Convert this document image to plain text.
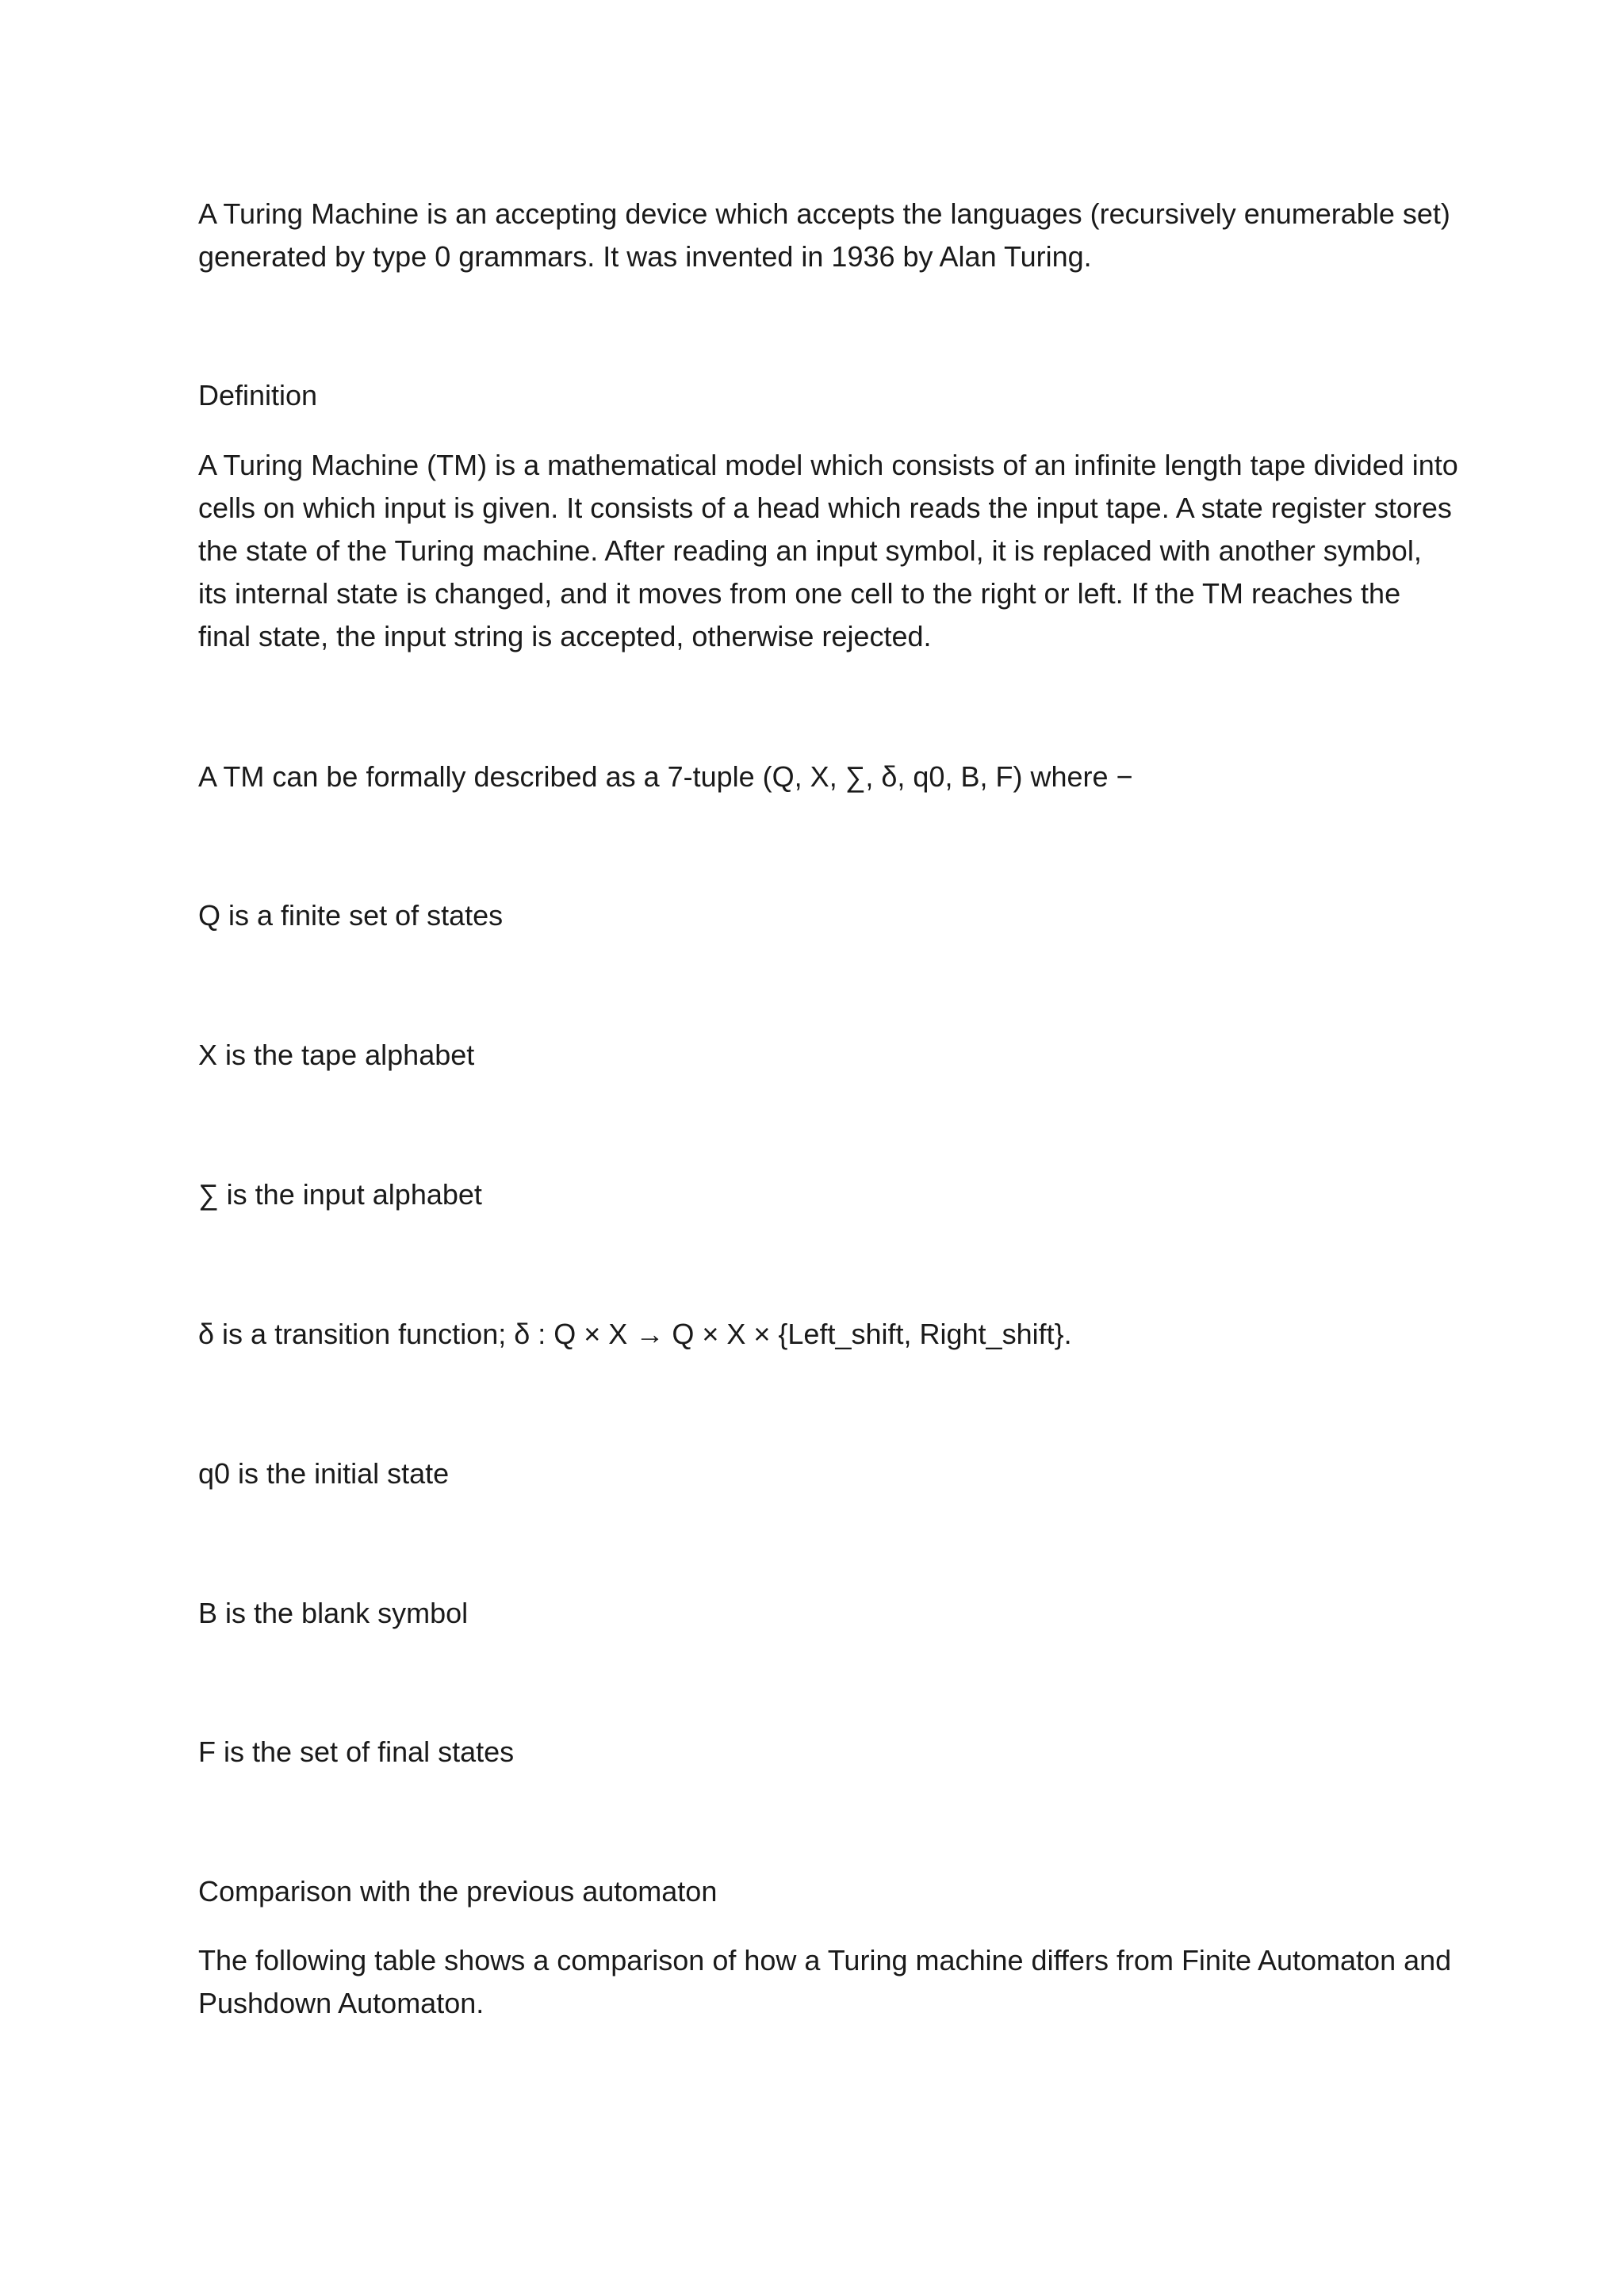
A Turing Machine is an accepting device which accepts the languages (recursively enumerable set)
generated by type 0 grammars. It was invented in 1936 by Alan Turing.

Definition

A Turing Machine (TM) is a mathematical model which consists of an infinite length tape divided into
cells on which input is given. It consists of a head which reads the input tape. A state register stores
the state of the Turing machine. After reading an input symbol, it is replaced with another symbol,
its internal state is changed, and it moves from one cell to the right or left. If the TM reaches the
final state, the input string is accepted, otherwise rejected.

A TM can be formally described as a 7-tuple (Q, X, ∑, δ, q0, B, F) where −

Q is a finite set of states

X is the tape alphabet

∑ is the input alphabet

δ is a transition function; δ : Q × X → Q × X × {Left_shift, Right_shift}.

q0 is the initial state

B is the blank symbol

F is the set of final states

Comparison with the previous automaton

The following table shows a comparison of how a Turing machine differs from Finite Automaton and
Pushdown Automaton.
